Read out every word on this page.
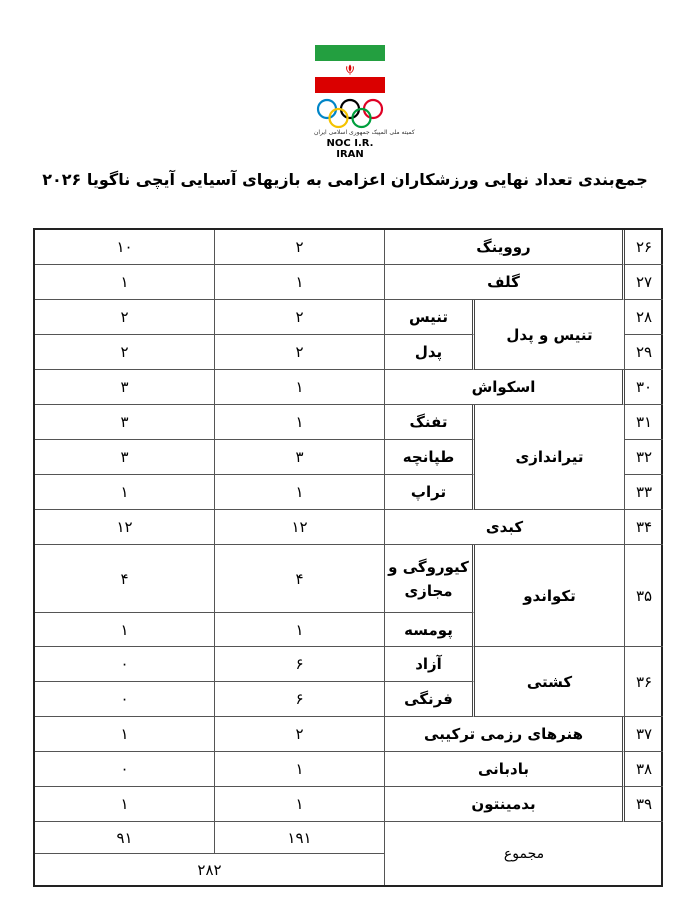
کمیته ملی المپیک جمهوری اسلامی ایران
NOC I.R. IRAN
جمع‌بندی تعداد نهایی ورزشکاران اعزامی به بازیهای آسیایی آیچی ناگویا ۲۰۲۶
۲۶
رووینگ
۲
۱۰
۲۷
گلف
۱
۱
۲۸
۲۹
تنیس و پدل
تنیس
پدل
۲
۲
۲
۲
۳۰
اسکواش
۱
۳
۳۱
۳۲
۳۳
تیراندازی
تفنگ
طپانچه
تراپ
۱
۳
۳
۳
۱
۱
۳۴
کبدی
۱۲
۱۲
۳۵
تکواندو
کیوروگی و مجازی
پومسه
۴
۴
۱
۱
۳۶
کشتی
آزاد
فرنگی
۶
۰
۶
۰
۳۷
هنرهای رزمی ترکیبی
۲
۱
۳۸
بادبانی
۱
۰
۳۹
بدمینتون
۱
۱
مجموع
۱۹۱
۹۱
۲۸۲
